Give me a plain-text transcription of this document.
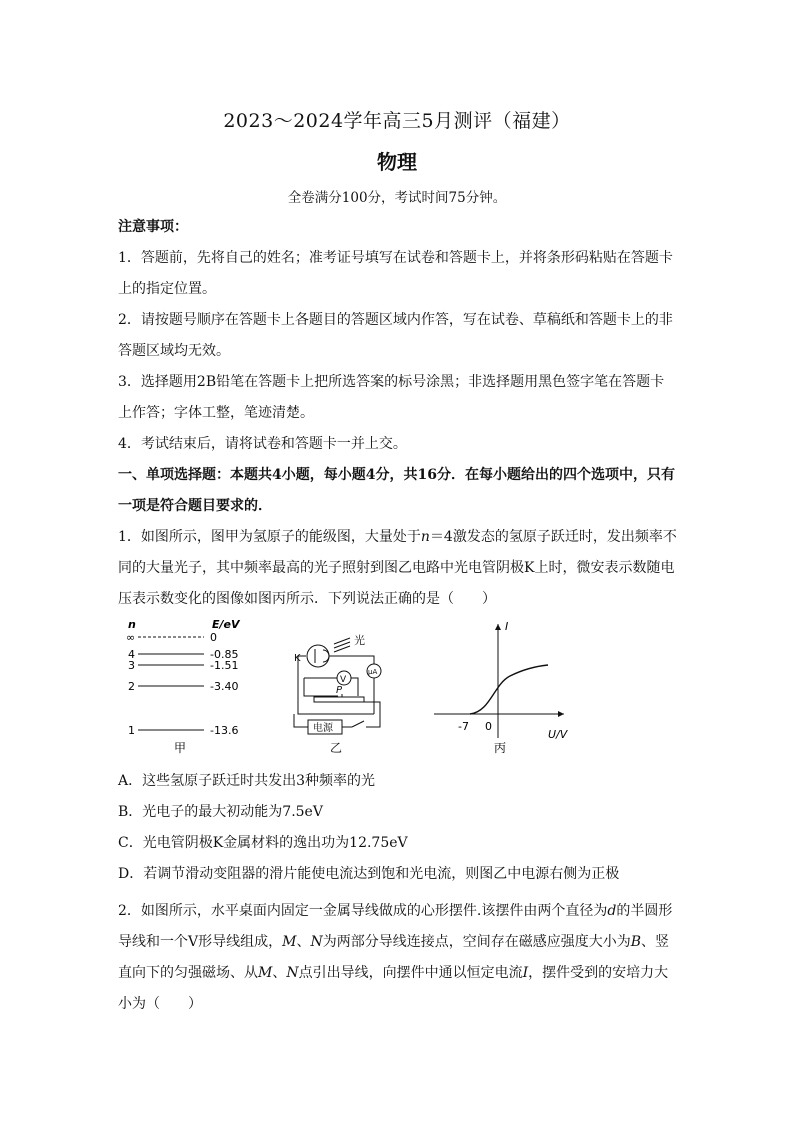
2023～2024学年高三5月测评（福建）
物理
全卷满分100分，考试时间75分钟。
注意事项：
1．答题前，先将自己的姓名；准考证号填写在试卷和答题卡上，并将条形码粘贴在答题卡上的指定位置。
2．请按题号顺序在答题卡上各题目的答题区域内作答，写在试卷、草稿纸和答题卡上的非答题区域均无效。
3．选择题用2B铅笔在答题卡上把所选答案的标号涂黑；非选择题用黑色签字笔在答题卡上作答；字体工整，笔迹清楚。
4．考试结束后，请将试卷和答题卡一并上交。
一、单项选择题：本题共4小题，每小题4分，共16分．在每小题给出的四个选项中，只有一项是符合题目要求的．
1．如图所示，图甲为氢原子的能级图，大量处于n＝4激发态的氢原子跃迁时，发出频率不同的大量光子，其中频率最高的光子照射到图乙电路中光电管阴极K上时，微安表示数随电压表示数变化的图像如图丙所示．下列说法正确的是（　　）
n	E/eV
∞	0
4	-0.85
3	-1.51
2	-3.40
1	-13.6
甲
K
光
μA
V
P
电源
乙
I
U/V
-7 0
丙
A．这些氢原子跃迁时共发出3种频率的光
B．光电子的最大初动能为7.5eV
C．光电管阴极K金属材料的逸出功为12.75eV
D．若调节滑动变阻器的滑片能使电流达到饱和光电流，则图乙中电源右侧为正极
2．如图所示，水平桌面内固定一金属导线做成的心形摆件.该摆件由两个直径为d的半圆形
导线和一个V形导线组成，M、N为两部分导线连接点，空间存在磁感应强度大小为B、竖
直向下的匀强磁场、从M、N点引出导线，向摆件中通以恒定电流I，摆件受到的安培力大
小为（　　）
